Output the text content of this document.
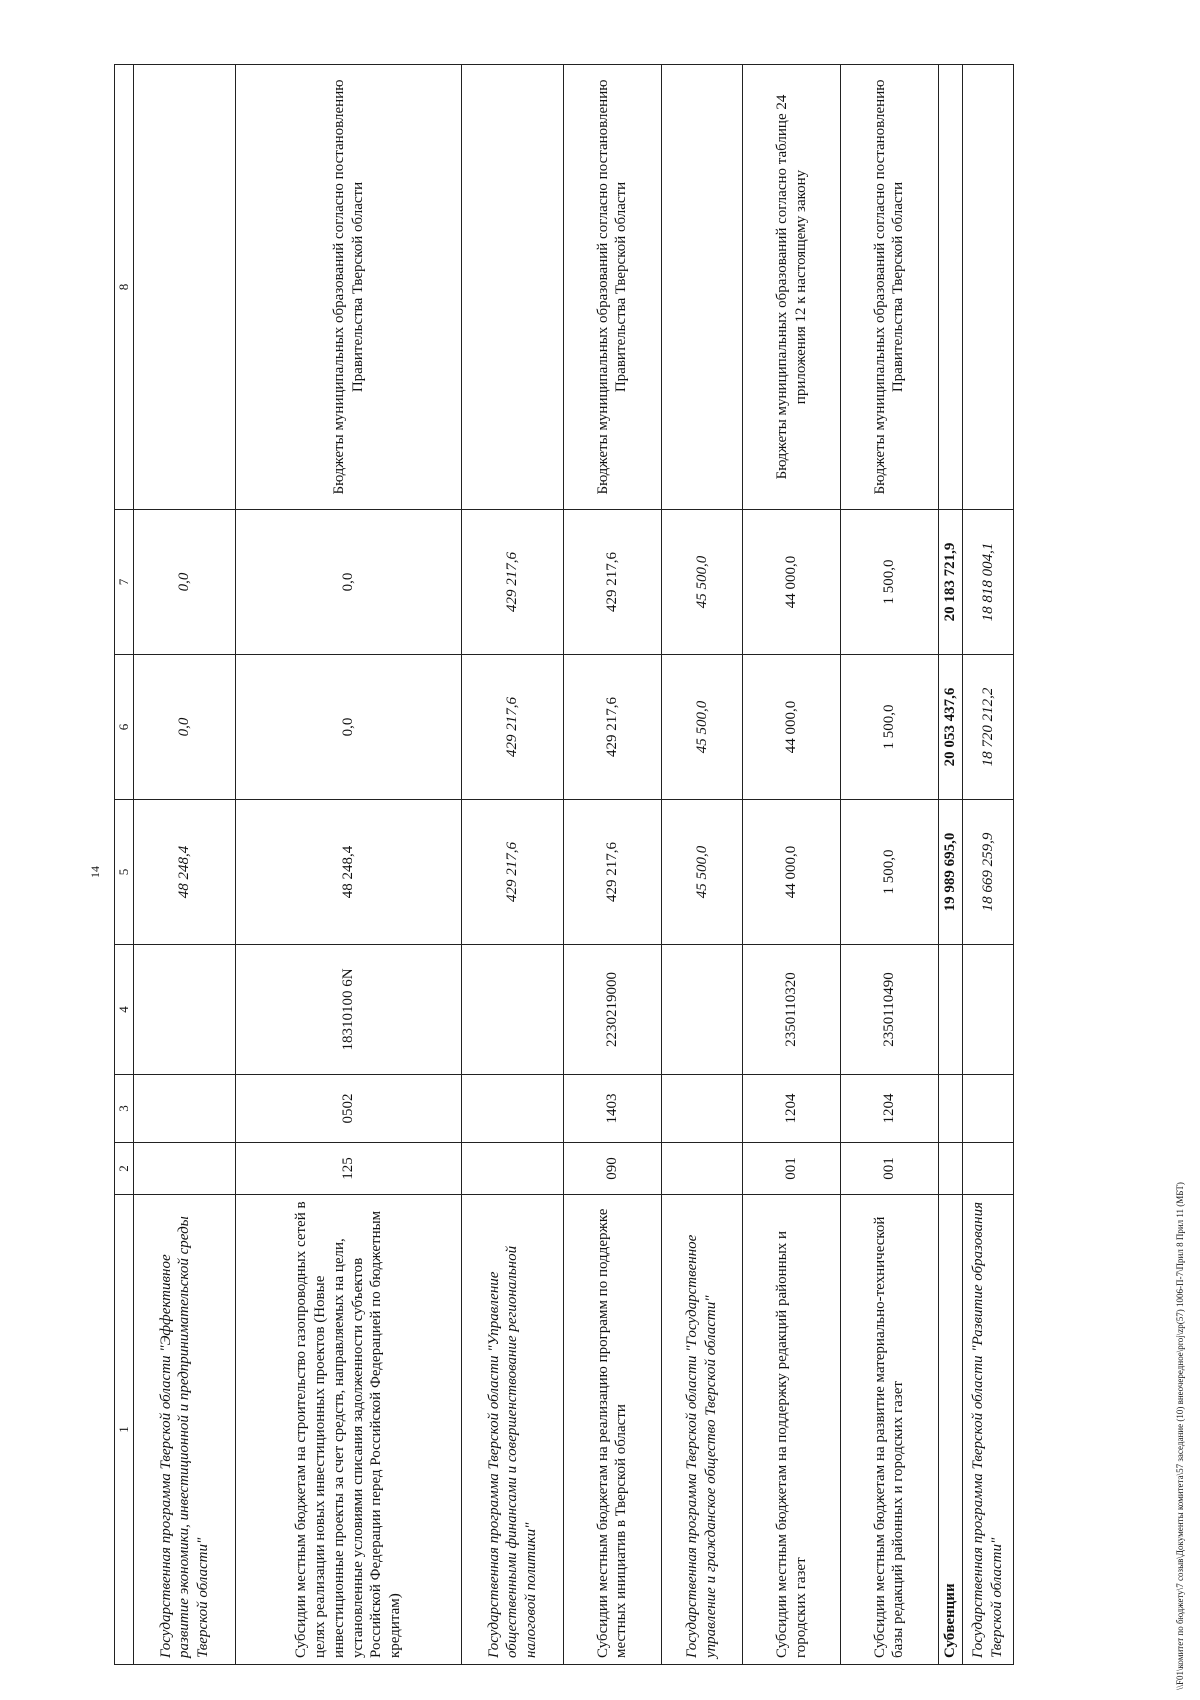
14
1	2	3	4	5	6	7	8
Государственная программа Тверской области "Эффективное развитие экономики, инвестиционной и предпринимательской среды Тверской области"				48 248,4	0,0	0,0	
Субсидии местным бюджетам на строительство газопроводных сетей в целях реализации новых инвестиционных проектов (Новые инвестиционные проекты за счет средств, направляемых на цели, установленные условиями списания задолженности субъектов Российской Федерации перед Российской Федерацией по бюджетным кредитам)	125	0502	18310100 6N	48 248,4	0,0	0,0	Бюджеты муниципальных образований согласно постановлению Правительства Тверской области
Государственная программа Тверской области "Управление общественными финансами и совершенствование региональной налоговой политики"				429 217,6	429 217,6	429 217,6	
Субсидии местным бюджетам на реализацию программ по поддержке местных инициатив в Тверской области	090	1403	2230219000	429 217,6	429 217,6	429 217,6	Бюджеты муниципальных образований согласно постановлению Правительства Тверской области
Государственная программа Тверской области "Государственное управление и гражданское общество Тверской области"				45 500,0	45 500,0	45 500,0	
Субсидии местным бюджетам на поддержку редакций районных и городских газет	001	1204	2350110320	44 000,0	44 000,0	44 000,0	Бюджеты муниципальных образований согласно таблице 24 приложения 12 к настоящему закону
Субсидии местным бюджетам на развитие материально-технической базы редакций районных и городских газет	001	1204	2350110490	1 500,0	1 500,0	1 500,0	Бюджеты муниципальных образований согласно постановлению Правительства Тверской области
Субвенции				19 989 695,0	20 053 437,6	20 183 721,9	
Государственная программа Тверской области "Развитие образования Тверской области"				18 669 259,9	18 720 212,2	18 818 004,1	
\\F01\комитет по бюджету\7 созыв\Документы комитета\57 заседание (10) внеочередное\proj\zp(57) 1006-П-7\Прил 8 Прил 11 (МБТ)
